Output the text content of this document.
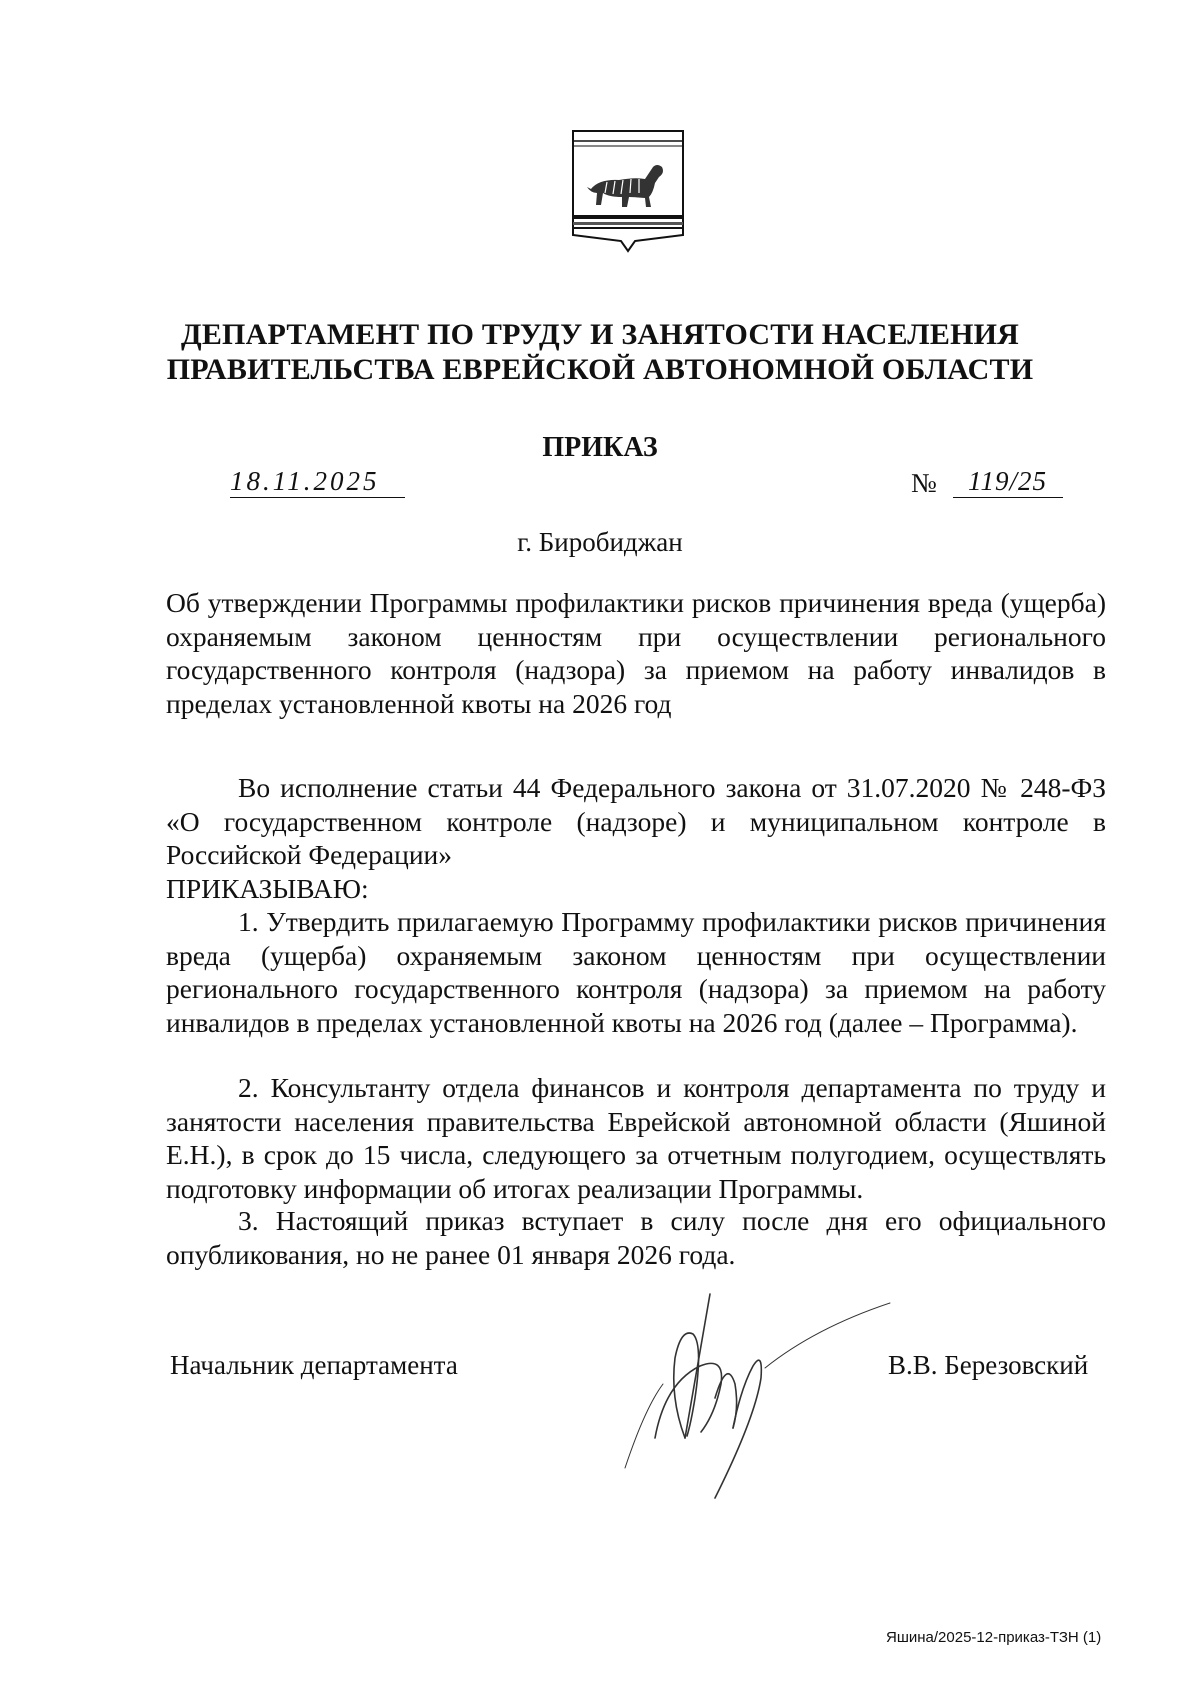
ДЕПАРТАМЕНТ ПО ТРУДУ И ЗАНЯТОСТИ НАСЕЛЕНИЯ
ПРАВИТЕЛЬСТВА ЕВРЕЙСКОЙ АВТОНОМНОЙ ОБЛАСТИ
ПРИКАЗ
18.11.2025	№ 119/25
г. Биробиджан
Об утверждении Программы профилактики рисков причинения вреда (ущерба) охраняемым законом ценностям при осуществлении регионального государственного контроля (надзора) за приемом на работу инвалидов в пределах установленной квоты на 2026 год
Во исполнение статьи 44 Федерального закона от 31.07.2020 № 248-ФЗ «О государственном контроле (надзоре) и муниципальном контроле в Российской Федерации»
ПРИКАЗЫВАЮ:
1. Утвердить прилагаемую Программу профилактики рисков причинения вреда (ущерба) охраняемым законом ценностям при осуществлении регионального государственного контроля (надзора) за приемом на работу инвалидов в пределах установленной квоты на 2026 год (далее – Программа).
2. Консультанту отдела финансов и контроля департамента по труду и занятости населения правительства Еврейской автономной области (Яшиной Е.Н.), в срок до 15 числа, следующего за отчетным полугодием, осуществлять подготовку информации об итогах реализации Программы.
3. Настоящий приказ вступает в силу после дня его официального опубликования, но не ранее 01 января 2026 года.
Начальник департамента	В.В. Березовский
Яшина/2025-12-приказ-ТЗН (1)
